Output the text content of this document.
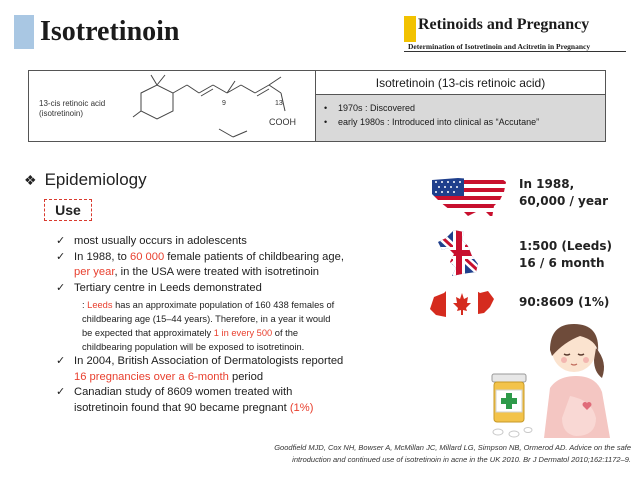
Isotretinoin	Retinoids and Pregnancy
Determination of Isotretinoin and Acitretin in Pregnancy
9	13
COOH
13-cis retinoic acid
(isotretinoin)
Isotretinoin (13-cis retinoic acid)
•	1970s : Discovered
•	early 1980s : Introduced into clinical as “Accutane”
❖ Epidemiology
Use
✓ most usually occurs in adolescents
✓ In 1988, to 60 000 female patients of childbearing age,
per year, in the USA were treated with isotretinoin
✓ Tertiary centre in Leeds demonstrated
: Leeds has an approximate population of 160 438 females of
childbearing age (15–44 years). Therefore, in a year it would
be expected that approximately 1 in every 500 of the
childbearing population will be exposed to isotretinoin.
✓ In 2004, British Association of Dermatologists reported
16 pregnancies over a 6-month period
✓ Canadian study of 8609 women treated with
isotretinoin found that 90 became pregnant (1%)
In 1988,
60,000 / year
1:500 (Leeds)
16 / 6 month
90:8609 (1%)
Goodfield MJD, Cox NH, Bowser A, McMillan JC, Millard LG, Simpson NB, Ormerod AD. Advice on the safe
introduction and continued use of isotretinoin in acne in the UK 2010. Br J Dermatol 2010;162:1172–9.
